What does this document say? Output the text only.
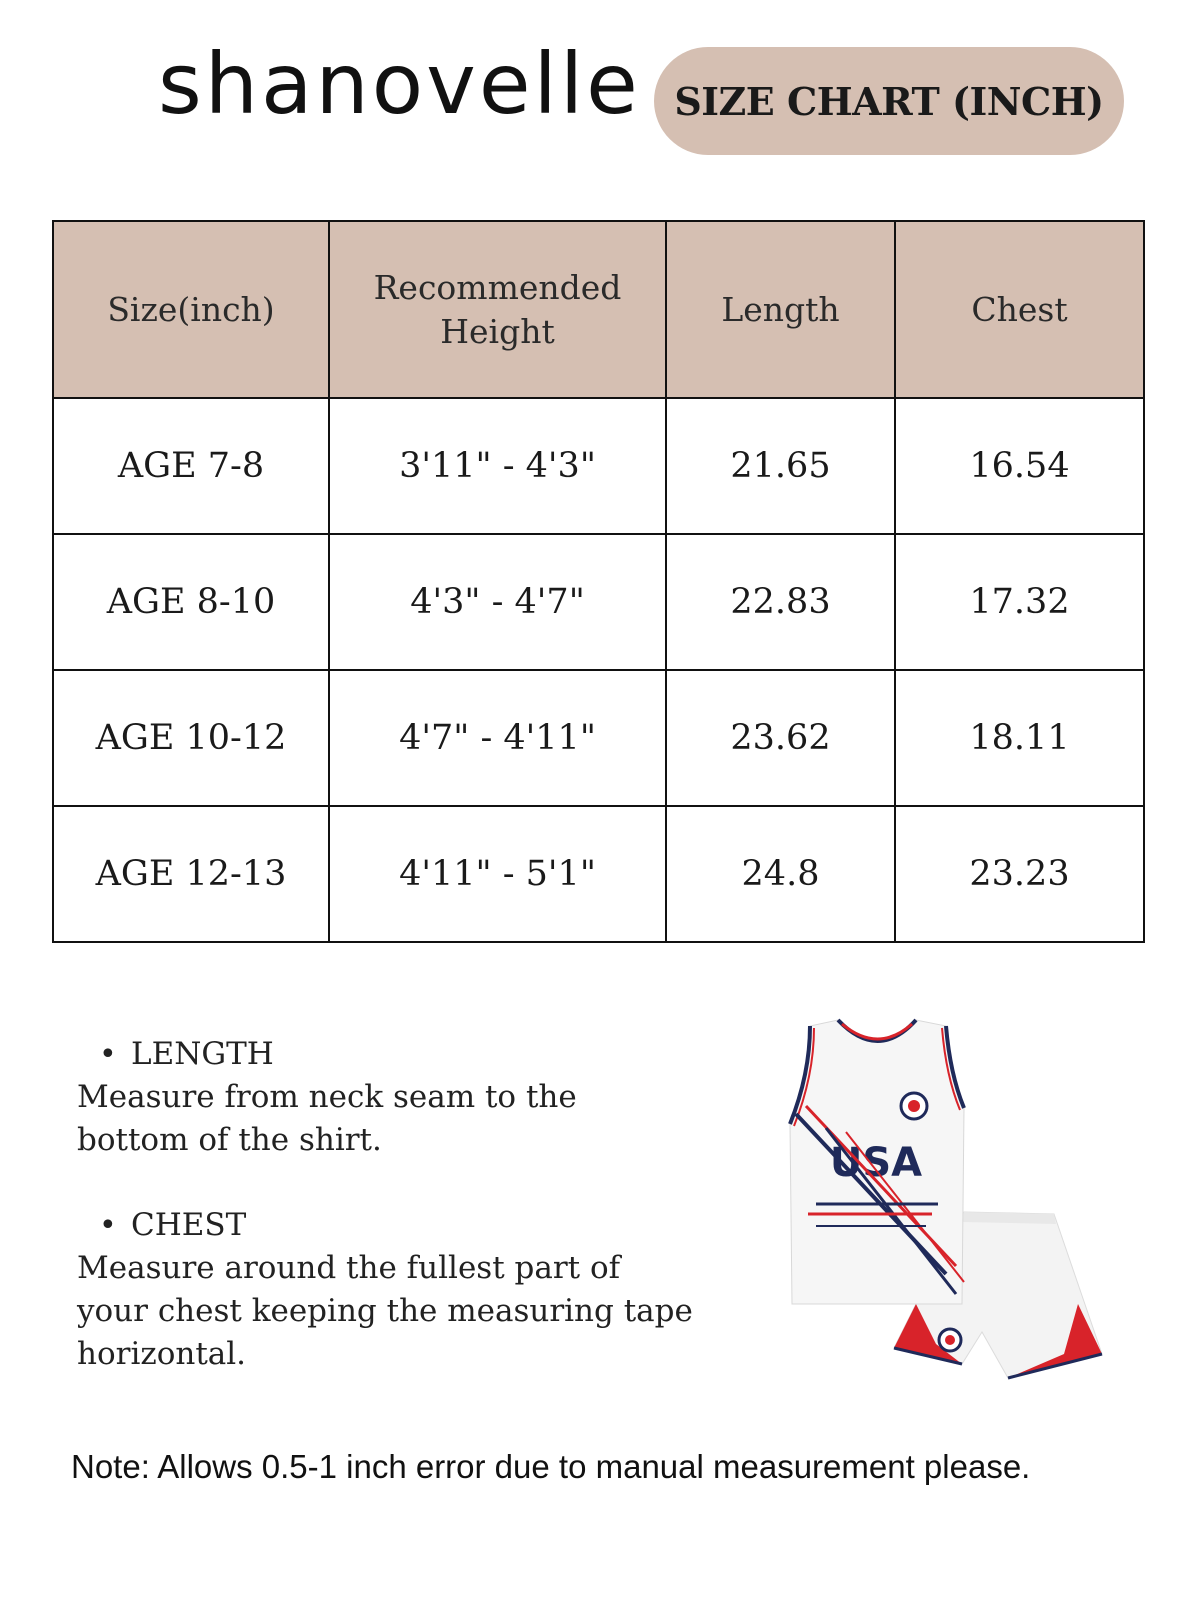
shanovelle SIZE CHART (INCH)
Size(inch)	Recommended Height	Length	Chest
AGE 7-8	3'11" - 4'3"	21.65	16.54
AGE 8-10	4'3" - 4'7"	22.83	17.32
AGE 10-12	4'7" - 4'11"	23.62	18.11
AGE 12-13	4'11" - 5'1"	24.8	23.23
• LENGTH

Measure from neck seam to the bottom of the shirt.

• CHEST

Measure around the fullest part of your chest keeping the measuring tape horizontal.

USA
Note: Allows 0.5-1 inch error due to manual measurement please.
